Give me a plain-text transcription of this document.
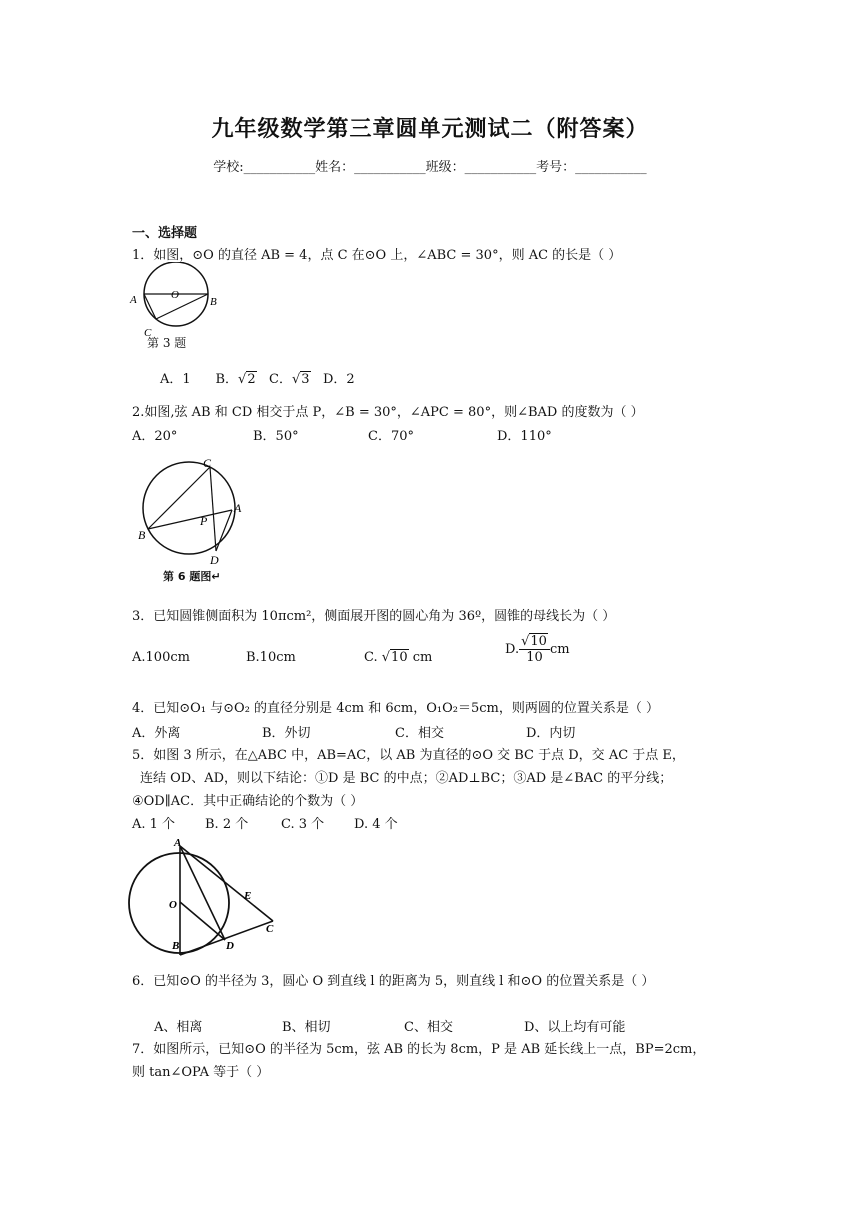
九年级数学第三章圆单元测试二（附答案）
学校:___________姓名：___________班级：___________考号：___________
一、选择题
1．如图，⊙O 的直径 AB = 4，点 C 在⊙O 上，∠ABC = 30°，则 AC 的长是（ ）
A	B
C
O
第 3 题
A．1 B．√2 C．√3 D．2
2.如图,弦 AB 和 CD 相交于点 P，∠B = 30°，∠APC = 80°，则∠BAD 的度数为（ ）
A．20°	B．50°	C．70°	D．110°
C
A
B
P
D
第 6 题图↵
3．已知圆锥侧面积为 10πcm²，侧面展开图的圆心角为 36º，圆锥的母线长为（ ）
A.100cm	B.10cm	C. √10 cm
D. $\frac{√10}{10}$ cm
4．已知⊙O₁ 与⊙O₂ 的直径分别是 4cm 和 6cm，O₁O₂＝5cm，则两圆的位置关系是（ ）
A．外离	B．外切	C．相交	D．内切
5．如图 3 所示，在△ABC 中，AB=AC，以 AB 为直径的⊙O 交 BC 于点 D，交 AC 于点 E，
连结 OD、AD，则以下结论：①D 是 BC 的中点；②AD⊥BC；③AD 是∠BAC 的平分线；
④OD∥AC．其中正确结论的个数为（ ）
A. 1 个 B. 2 个	C. 3 个 D. 4 个
A
O
B	D
E
C
6．已知⊙O 的半径为 3，圆心 O 到直线 l 的距离为 5，则直线 l 和⊙O 的位置关系是（ ）
A、相离	B、相切	C、相交	D、以上均有可能
7．如图所示，已知⊙O 的半径为 5cm，弦 AB 的长为 8cm，P 是 AB 延长线上一点，BP=2cm，
则 tan∠OPA 等于（ ）
